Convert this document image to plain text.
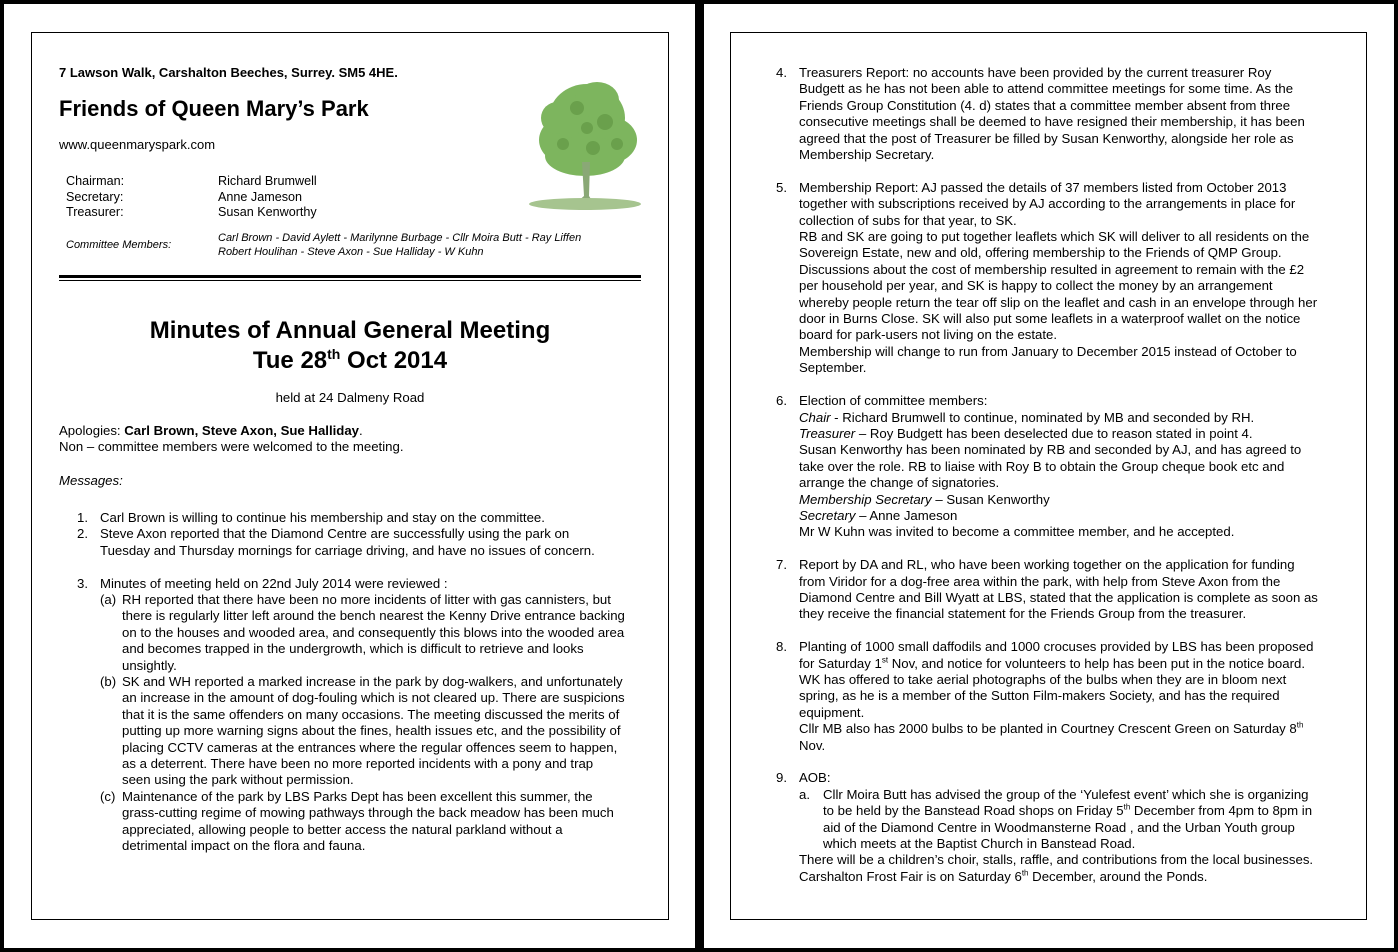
7 Lawson Walk, Carshalton Beeches, Surrey. SM5 4HE.
Friends of Queen Mary’s Park
www.queenmaryspark.com
Chairman:	Richard Brumwell
Secretary:	Anne Jameson
Treasurer:	Susan Kenworthy
Committee Members:
Carl Brown - David Aylett - Marilynne Burbage - Cllr Moira Butt - Ray Liffen
Robert Houlihan - Steve Axon - Sue Halliday - W Kuhn
Minutes of Annual General Meeting
Tue 28th Oct 2014
held at 24 Dalmeny Road
Apologies: Carl Brown, Steve Axon, Sue Halliday.
Non – committee members were welcomed to the meeting.
Messages:
1. Carl Brown is willing to continue his membership and stay on the committee.
2. Steve Axon reported that the Diamond Centre are successfully using the park on
Tuesday and Thursday mornings for carriage driving, and have no issues of concern.
3. Minutes of meeting held on 22nd July 2014 were reviewed :
(a) RH reported that there have been no more incidents of litter with gas cannisters, but
there is regularly litter left around the bench nearest the Kenny Drive entrance backing
on to the houses and wooded area, and consequently this blows into the wooded area
and becomes trapped in the undergrowth, which is difficult to retrieve and looks
unsightly.
(b) SK and WH reported a marked increase in the park by dog-walkers, and unfortunately
an increase in the amount of dog-fouling which is not cleared up. There are suspicions
that it is the same offenders on many occasions. The meeting discussed the merits of
putting up more warning signs about the fines, health issues etc, and the possibility of
placing CCTV cameras at the entrances where the regular offences seem to happen,
as a deterrent. There have been no more reported incidents with a pony and trap
seen using the park without permission.
(c) Maintenance of the park by LBS Parks Dept has been excellent this summer, the
grass-cutting regime of mowing pathways through the back meadow has been much
appreciated, allowing people to better access the natural parkland without a
detrimental impact on the flora and fauna.
4. Treasurers Report: no accounts have been provided by the current treasurer Roy
Budgett as he has not been able to attend committee meetings for some time. As the
Friends Group Constitution (4. d) states that a committee member absent from three
consecutive meetings shall be deemed to have resigned their membership, it has been
agreed that the post of Treasurer be filled by Susan Kenworthy, alongside her role as
Membership Secretary.
5. Membership Report: AJ passed the details of 37 members listed from October 2013
together with subscriptions received by AJ according to the arrangements in place for
collection of subs for that year, to SK.
RB and SK are going to put together leaflets which SK will deliver to all residents on the
Sovereign Estate, new and old, offering membership to the Friends of QMP Group.
Discussions about the cost of membership resulted in agreement to remain with the £2
per household per year, and SK is happy to collect the money by an arrangement
whereby people return the tear off slip on the leaflet and cash in an envelope through her
door in Burns Close. SK will also put some leaflets in a waterproof wallet on the notice
board for park-users not living on the estate.
Membership will change to run from January to December 2015 instead of October to
September.
6. Election of committee members:
Chair - Richard Brumwell to continue, nominated by MB and seconded by RH.
Treasurer – Roy Budgett has been deselected due to reason stated in point 4.
Susan Kenworthy has been nominated by RB and seconded by AJ, and has agreed to
take over the role. RB to liaise with Roy B to obtain the Group cheque book etc and
arrange the change of signatories.
Membership Secretary – Susan Kenworthy
Secretary – Anne Jameson
Mr W Kuhn was invited to become a committee member, and he accepted.
7. Report by DA and RL, who have been working together on the application for funding
from Viridor for a dog-free area within the park, with help from Steve Axon from the
Diamond Centre and Bill Wyatt at LBS, stated that the application is complete as soon as
they receive the financial statement for the Friends Group from the treasurer.
8. Planting of 1000 small daffodils and 1000 crocuses provided by LBS has been proposed
for Saturday 1st Nov, and notice for volunteers to help has been put in the notice board.
WK has offered to take aerial photographs of the bulbs when they are in bloom next
spring, as he is a member of the Sutton Film-makers Society, and has the required
equipment.
Cllr MB also has 2000 bulbs to be planted in Courtney Crescent Green on Saturday 8th
Nov.
9. AOB:
a. Cllr Moira Butt has advised the group of the ‘Yulefest event’ which she is organizing
to be held by the Banstead Road shops on Friday 5th December from 4pm to 8pm in
aid of the Diamond Centre in Woodmansterne Road , and the Urban Youth group
which meets at the Baptist Church in Banstead Road.
There will be a children’s choir, stalls, raffle, and contributions from the local businesses.
Carshalton Frost Fair is on Saturday 6th December, around the Ponds.
